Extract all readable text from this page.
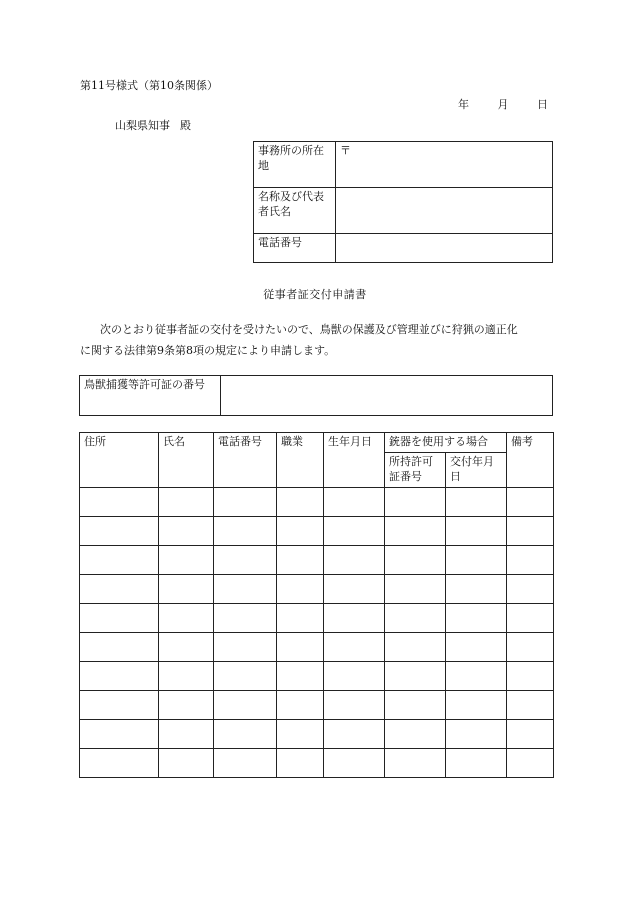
第11号様式（第10条関係）
年	月	日
山梨県知事 殿
事務所の所在地	〒
名称及び代表者氏名	
電話番号	
従事者証交付申請書
次のとおり従事者証の交付を受けたいので、鳥獣の保護及び管理並びに狩猟の適正化
に関する法律第9条第8項の規定により申請します。
鳥獣捕獲等許可証の番号	
住所	氏名	電話番号	職業	生年月日	銃器を使用する場合		備考
					所持許可証番号	交付年月日	
